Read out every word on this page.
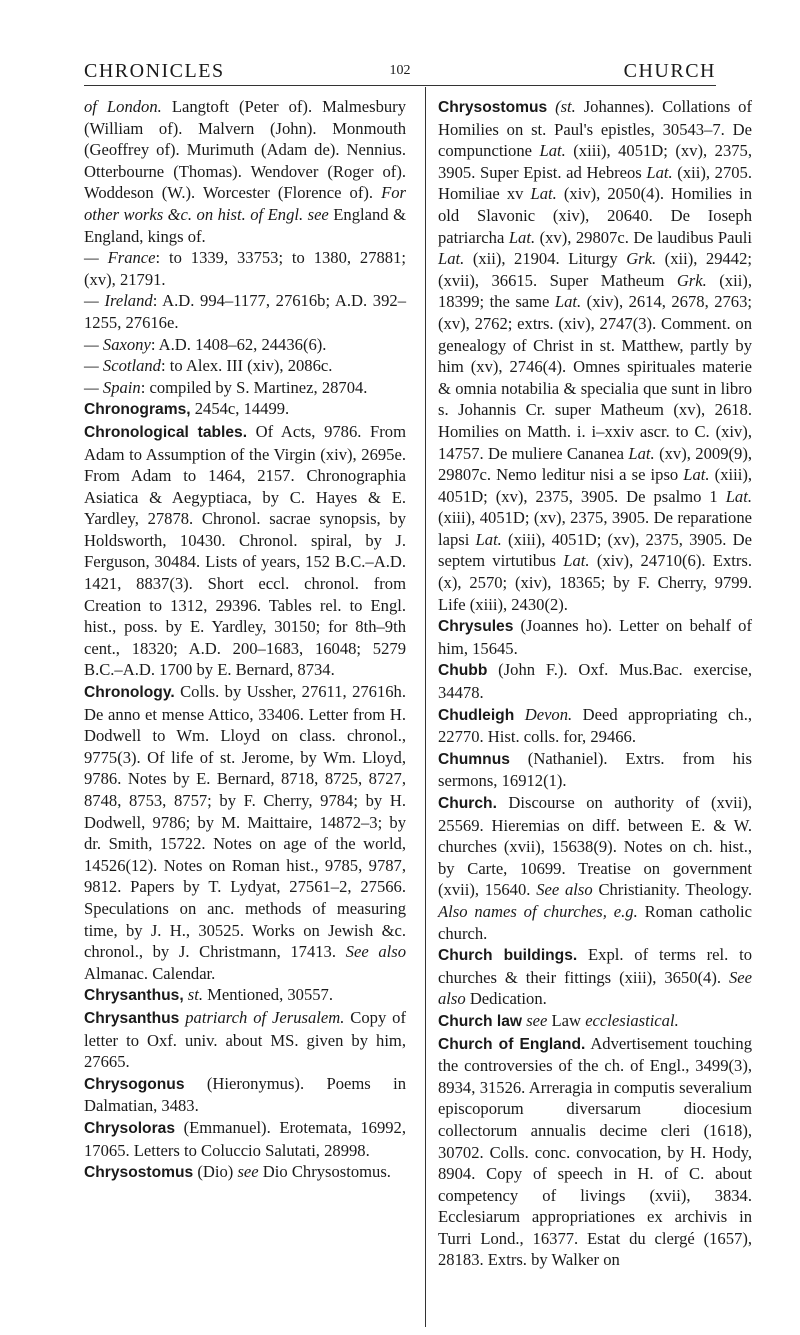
CHRONICLES	102	CHURCH

of London. Langtoft (Peter of). Malmesbury (William of). Malvern (John). Monmouth (Geoffrey of). Murimuth (Adam de). Nennius. Otterbourne (Thomas). Wendover (Roger of). Woddeson (W.). Worcester (Florence of). For other works &c. on hist. of Engl. see England & England, kings of.

— France: to 1339, 33753; to 1380, 27881; (xv), 21791.

— Ireland: A.D. 994–1177, 27616b; A.D. 392–1255, 27616e.

— Saxony: A.D. 1408–62, 24436(6).

— Scotland: to Alex. III (xiv), 2086c.

— Spain: compiled by S. Martinez, 28704.

Chronograms, 2454c, 14499.

Chronological tables. Of Acts, 9786. From Adam to Assumption of the Virgin (xiv), 2695e. From Adam to 1464, 2157. Chronographia Asiatica & Aegyptiaca, by C. Hayes & E. Yardley, 27878. Chronol. sacrae synopsis, by Holdsworth, 10430. Chronol. spiral, by J. Ferguson, 30484. Lists of years, 152 B.C.–A.D. 1421, 8837(3). Short eccl. chronol. from Creation to 1312, 29396. Tables rel. to Engl. hist., poss. by E. Yardley, 30150; for 8th–9th cent., 18320; A.D. 200–1683, 16048; 5279 B.C.–A.D. 1700 by E. Bernard, 8734.

Chronology. Colls. by Ussher, 27611, 27616h. De anno et mense Attico, 33406. Letter from H. Dodwell to Wm. Lloyd on class. chronol., 9775(3). Of life of st. Jerome, by Wm. Lloyd, 9786. Notes by E. Bernard, 8718, 8725, 8727, 8748, 8753, 8757; by F. Cherry, 9784; by H. Dodwell, 9786; by M. Maittaire, 14872–3; by dr. Smith, 15722. Notes on age of the world, 14526(12). Notes on Roman hist., 9785, 9787, 9812. Papers by T. Lydyat, 27561–2, 27566. Speculations on anc. methods of measuring time, by J. H., 30525. Works on Jewish &c. chronol., by J. Christmann, 17413. See also Almanac. Calendar.

Chrysanthus, st. Mentioned, 30557.

Chrysanthus patriarch of Jerusalem. Copy of letter to Oxf. univ. about MS. given by him, 27665.

Chrysogonus (Hieronymus). Poems in Dalmatian, 3483.

Chrysoloras (Emmanuel). Erotemata, 16992, 17065. Letters to Coluccio Salutati, 28998.

Chrysostomus (Dio) see Dio Chrysostomus.

Chrysostomus (st. Johannes). Collations of Homilies on st. Paul's epistles, 30543–7. De compunctione Lat. (xiii), 4051D; (xv), 2375, 3905. Super Epist. ad Hebreos Lat. (xii), 2705. Homiliae xv Lat. (xiv), 2050(4). Homilies in old Slavonic (xiv), 20640. De Ioseph patriarcha Lat. (xv), 29807c. De laudibus Pauli Lat. (xii), 21904. Liturgy Grk. (xii), 29442; (xvii), 36615. Super Matheum Grk. (xii), 18399; the same Lat. (xiv), 2614, 2678, 2763; (xv), 2762; extrs. (xiv), 2747(3). Comment. on genealogy of Christ in st. Matthew, partly by him (xv), 2746(4). Omnes spirituales materie & omnia notabilia & specialia que sunt in libro s. Johannis Cr. super Matheum (xv), 2618. Homilies on Matth. i. i–xxiv ascr. to C. (xiv), 14757. De muliere Cananea Lat. (xv), 2009(9), 29807c. Nemo leditur nisi a se ipso Lat. (xiii), 4051D; (xv), 2375, 3905. De psalmo 1 Lat. (xiii), 4051D; (xv), 2375, 3905. De reparatione lapsi Lat. (xiii), 4051D; (xv), 2375, 3905. De septem virtutibus Lat. (xiv), 24710(6). Extrs. (x), 2570; (xiv), 18365; by F. Cherry, 9799. Life (xiii), 2430(2).

Chrysules (Joannes ho). Letter on behalf of him, 15645.

Chubb (John F.). Oxf. Mus.Bac. exercise, 34478.

Chudleigh Devon. Deed appropriating ch., 22770. Hist. colls. for, 29466.

Chumnus (Nathaniel). Extrs. from his sermons, 16912(1).

Church. Discourse on authority of (xvii), 25569. Hieremias on diff. between E. & W. churches (xvii), 15638(9). Notes on ch. hist., by Carte, 10699. Treatise on government (xvii), 15640. See also Christianity. Theology. Also names of churches, e.g. Roman catholic church.

Church buildings. Expl. of terms rel. to churches & their fittings (xiii), 3650(4). See also Dedication.

Church law see Law ecclesiastical.

Church of England. Advertisement touching the controversies of the ch. of Engl., 3499(3), 8934, 31526. Arreragia in computis severalium episcoporum diversarum diocesium collectorum annualis decime cleri (1618), 30702. Colls. conc. convocation, by H. Hody, 8904. Copy of speech in H. of C. about competency of livings (xvii), 3834. Ecclesiarum appropriationes ex archivis in Turri Lond., 16377. Estat du clergé (1657), 28183. Extrs. by Walker on
